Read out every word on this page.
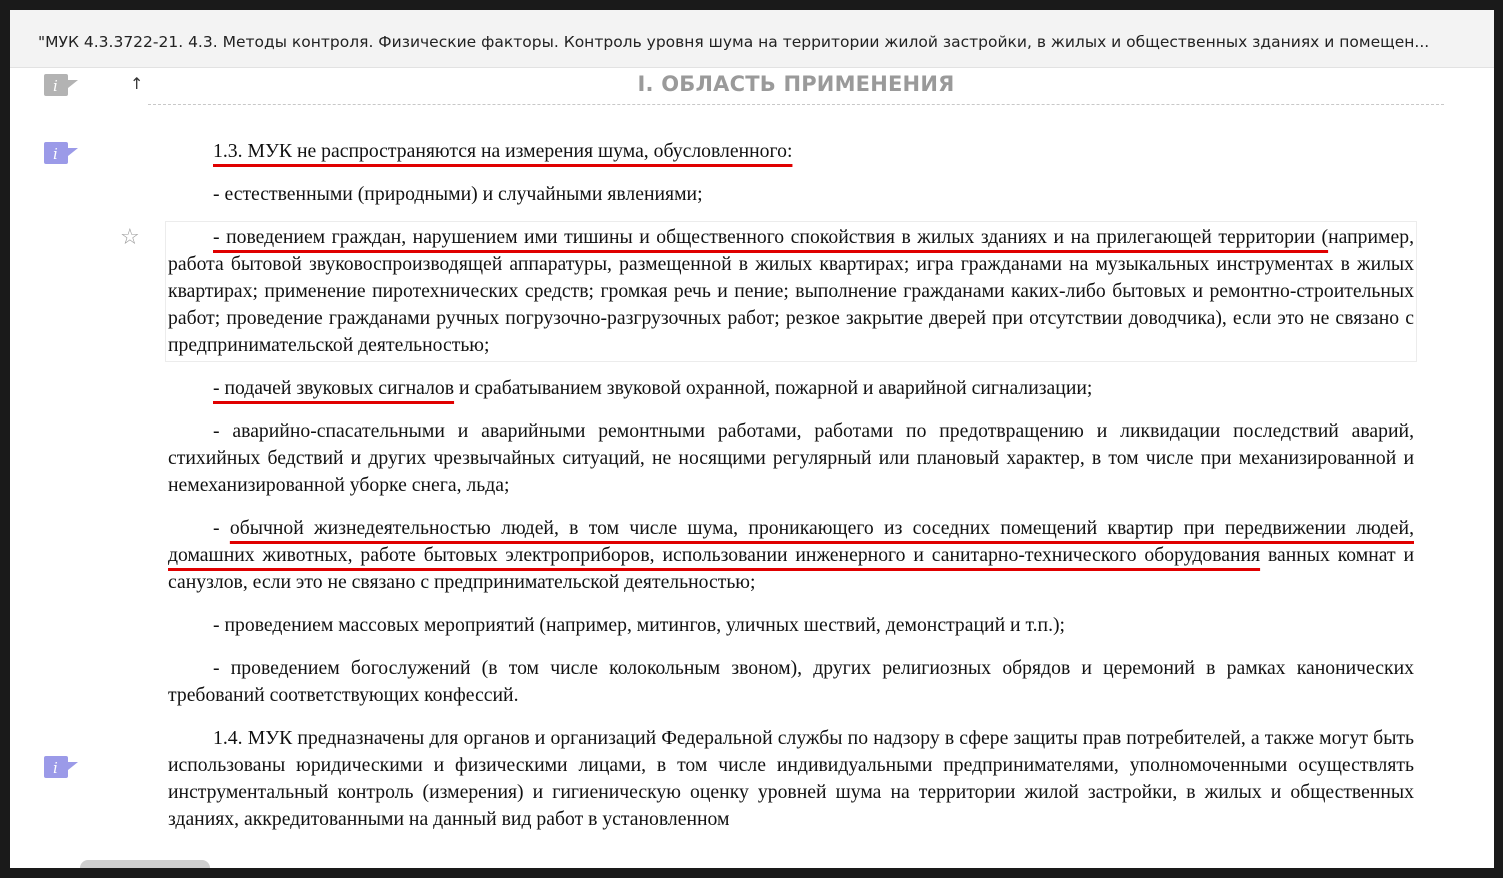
"МУК 4.3.3722-21. 4.3. Методы контроля. Физические факторы. Контроль уровня шума на территории жилой застройки, в жилых и общественных зданиях и помещен...
i	↑	I. ОБЛАСТЬ ПРИМЕНЕНИЯ
i
☆
i

1.3. МУК не распространяются на измерения шума, обусловленного:

- естественными (природными) и случайными явлениями;

- поведением граждан, нарушением ими тишины и общественного спокойствия в жилых зданиях и на прилегающей территории (например, работа бытовой звуковоспроизводящей аппаратуры, размещенной в жилых квартирах; игра гражданами на музыкальных инструментах в жилых квартирах; применение пиротехнических средств; громкая речь и пение; выполнение гражданами каких-либо бытовых и ремонтно-строительных работ; проведение гражданами ручных погрузочно-разгрузочных работ; резкое закрытие дверей при отсутствии доводчика), если это не связано с предпринимательской деятельностью;

- подачей звуковых сигналов и срабатыванием звуковой охранной, пожарной и аварийной сигнализации;

- аварийно-спасательными и аварийными ремонтными работами, работами по предотвращению и ликвидации последствий аварий, стихийных бедствий и других чрезвычайных ситуаций, не носящими регулярный или плановый характер, в том числе при механизированной и немеханизированной уборке снега, льда;

- обычной жизнедеятельностью людей, в том числе шума, проникающего из соседних помещений квартир при передвижении людей, домашних животных, работе бытовых электроприборов, использовании инженерного и санитарно-технического оборудования ванных комнат и санузлов, если это не связано с предпринимательской деятельностью;

- проведением массовых мероприятий (например, митингов, уличных шествий, демонстраций и т.п.);

- проведением богослужений (в том числе колокольным звоном), других религиозных обрядов и церемоний в рамках канонических требований соответствующих конфессий.

1.4. МУК предназначены для органов и организаций Федеральной службы по надзору в сфере защиты прав потребителей, а также могут быть использованы юридическими и физическими лицами, в том числе индивидуальными предпринимателями, уполномоченными осуществлять инструментальный контроль (измерения) и гигиеническую оценку уровней шума на территории жилой застройки, в жилых и общественных зданиях, аккредитованными на данный вид работ в установленном
